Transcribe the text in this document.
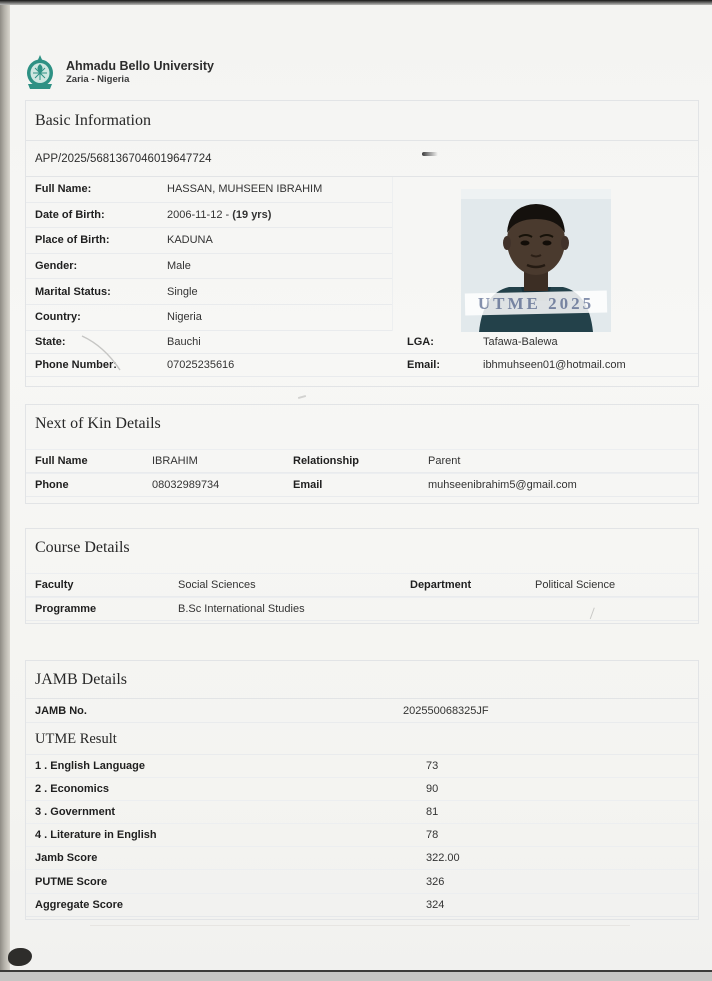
Ahmadu Bello University
Zaria - Nigeria
Basic Information
APP/2025/5681367046019647724
Full Name:	HASSAN, MUHSEEN IBRAHIM
Date of Birth:	2006-11-12 - (19 yrs)
Place of Birth:	KADUNA
Gender:	Male
Marital Status:	Single
Country:	Nigeria
State:	Bauchi	LGA:	Tafawa-Balewa
Phone Number:	07025235616	Email:	ibhmuhseen01@hotmail.com
UTME 2025
Next of Kin Details
Full Name	IBRAHIM	Relationship	Parent
Phone	08032989734	Email	muhseenibrahim5@gmail.com
Course Details
Faculty	Social Sciences	Department	Political Science
Programme	B.Sc International Studies
JAMB Details
JAMB No.	202550068325JF
UTME Result
1 . English Language	73
2 . Economics	90
3 . Government	81
4 . Literature in English	78
Jamb Score	322.00
PUTME Score	326
Aggregate Score	324
